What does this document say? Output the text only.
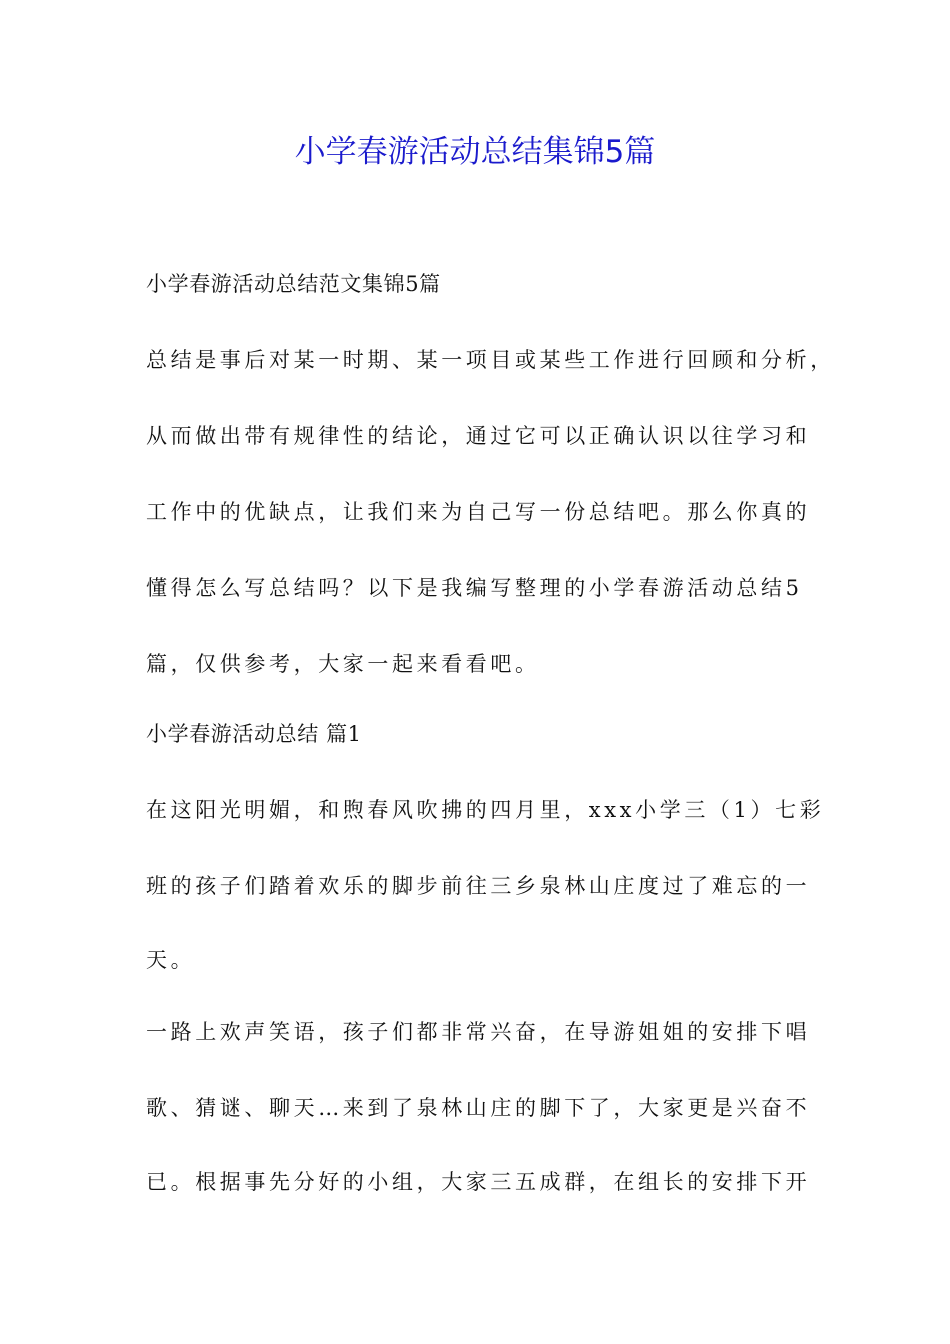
小学春游活动总结集锦5篇
小学春游活动总结范文集锦5篇
总结是事后对某一时期、某一项目或某些工作进行回顾和分析，
从而做出带有规律性的结论，通过它可以正确认识以往学习和
工作中的优缺点，让我们来为自己写一份总结吧。那么你真的
懂得怎么写总结吗？以下是我编写整理的小学春游活动总结5
篇，仅供参考，大家一起来看看吧。
小学春游活动总结 篇1
在这阳光明媚，和煦春风吹拂的四月里，xxx小学三（1）七彩
班的孩子们踏着欢乐的脚步前往三乡泉林山庄度过了难忘的一
天。
一路上欢声笑语，孩子们都非常兴奋，在导游姐姐的安排下唱
歌、猜谜、聊天…来到了泉林山庄的脚下了，大家更是兴奋不
已。根据事先分好的小组，大家三五成群，在组长的安排下开
